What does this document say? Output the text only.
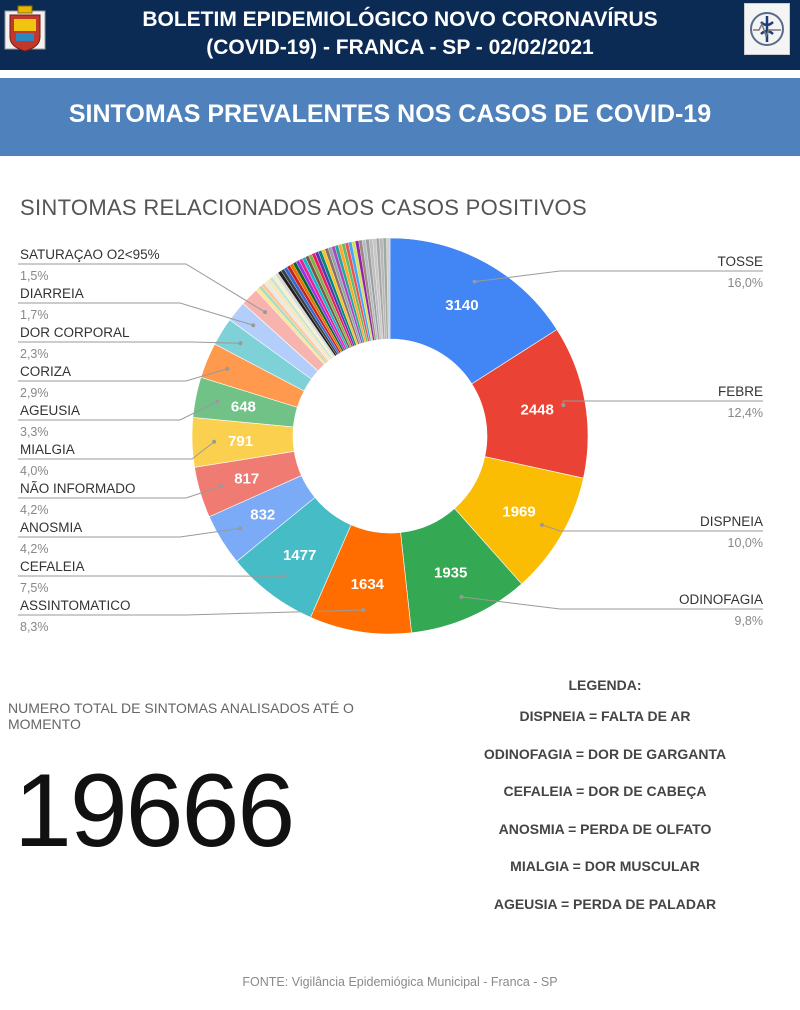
BOLETIM EPIDEMIOLÓGICO NOVO CORONAVÍRUS
(COVID-19) - FRANCA - SP - 02/02/2021
SINTOMAS PREVALENTES NOS CASOS DE COVID-19
SINTOMAS RELACIONADOS AOS CASOS POSITIVOS
3140
2448
1969
1935
1634
1477
832
817
791
648
TOSSE
16,0%
FEBRE
12,4%
DISPNEIA
10,0%
ODINOFAGIA
9,8%
ASSINTOMATICO
8,3%
CEFALEIA
7,5%
ANOSMIA
4,2%
NÃO INFORMADO
4,2%
MIALGIA
4,0%
AGEUSIA
3,3%
CORIZA
2,9%
DOR CORPORAL
2,3%
DIARREIA
1,7%
SATURAÇAO O2<95%
1,5%
NUMERO TOTAL DE SINTOMAS ANALISADOS ATÉ O MOMENTO
19666
LEGENDA:
DISPNEIA = FALTA DE AR
ODINOFAGIA = DOR DE GARGANTA
CEFALEIA = DOR DE CABEÇA
ANOSMIA = PERDA DE OLFATO
MIALGIA = DOR MUSCULAR
AGEUSIA = PERDA DE PALADAR
FONTE: Vigilância Epidemiógica Municipal - Franca - SP
